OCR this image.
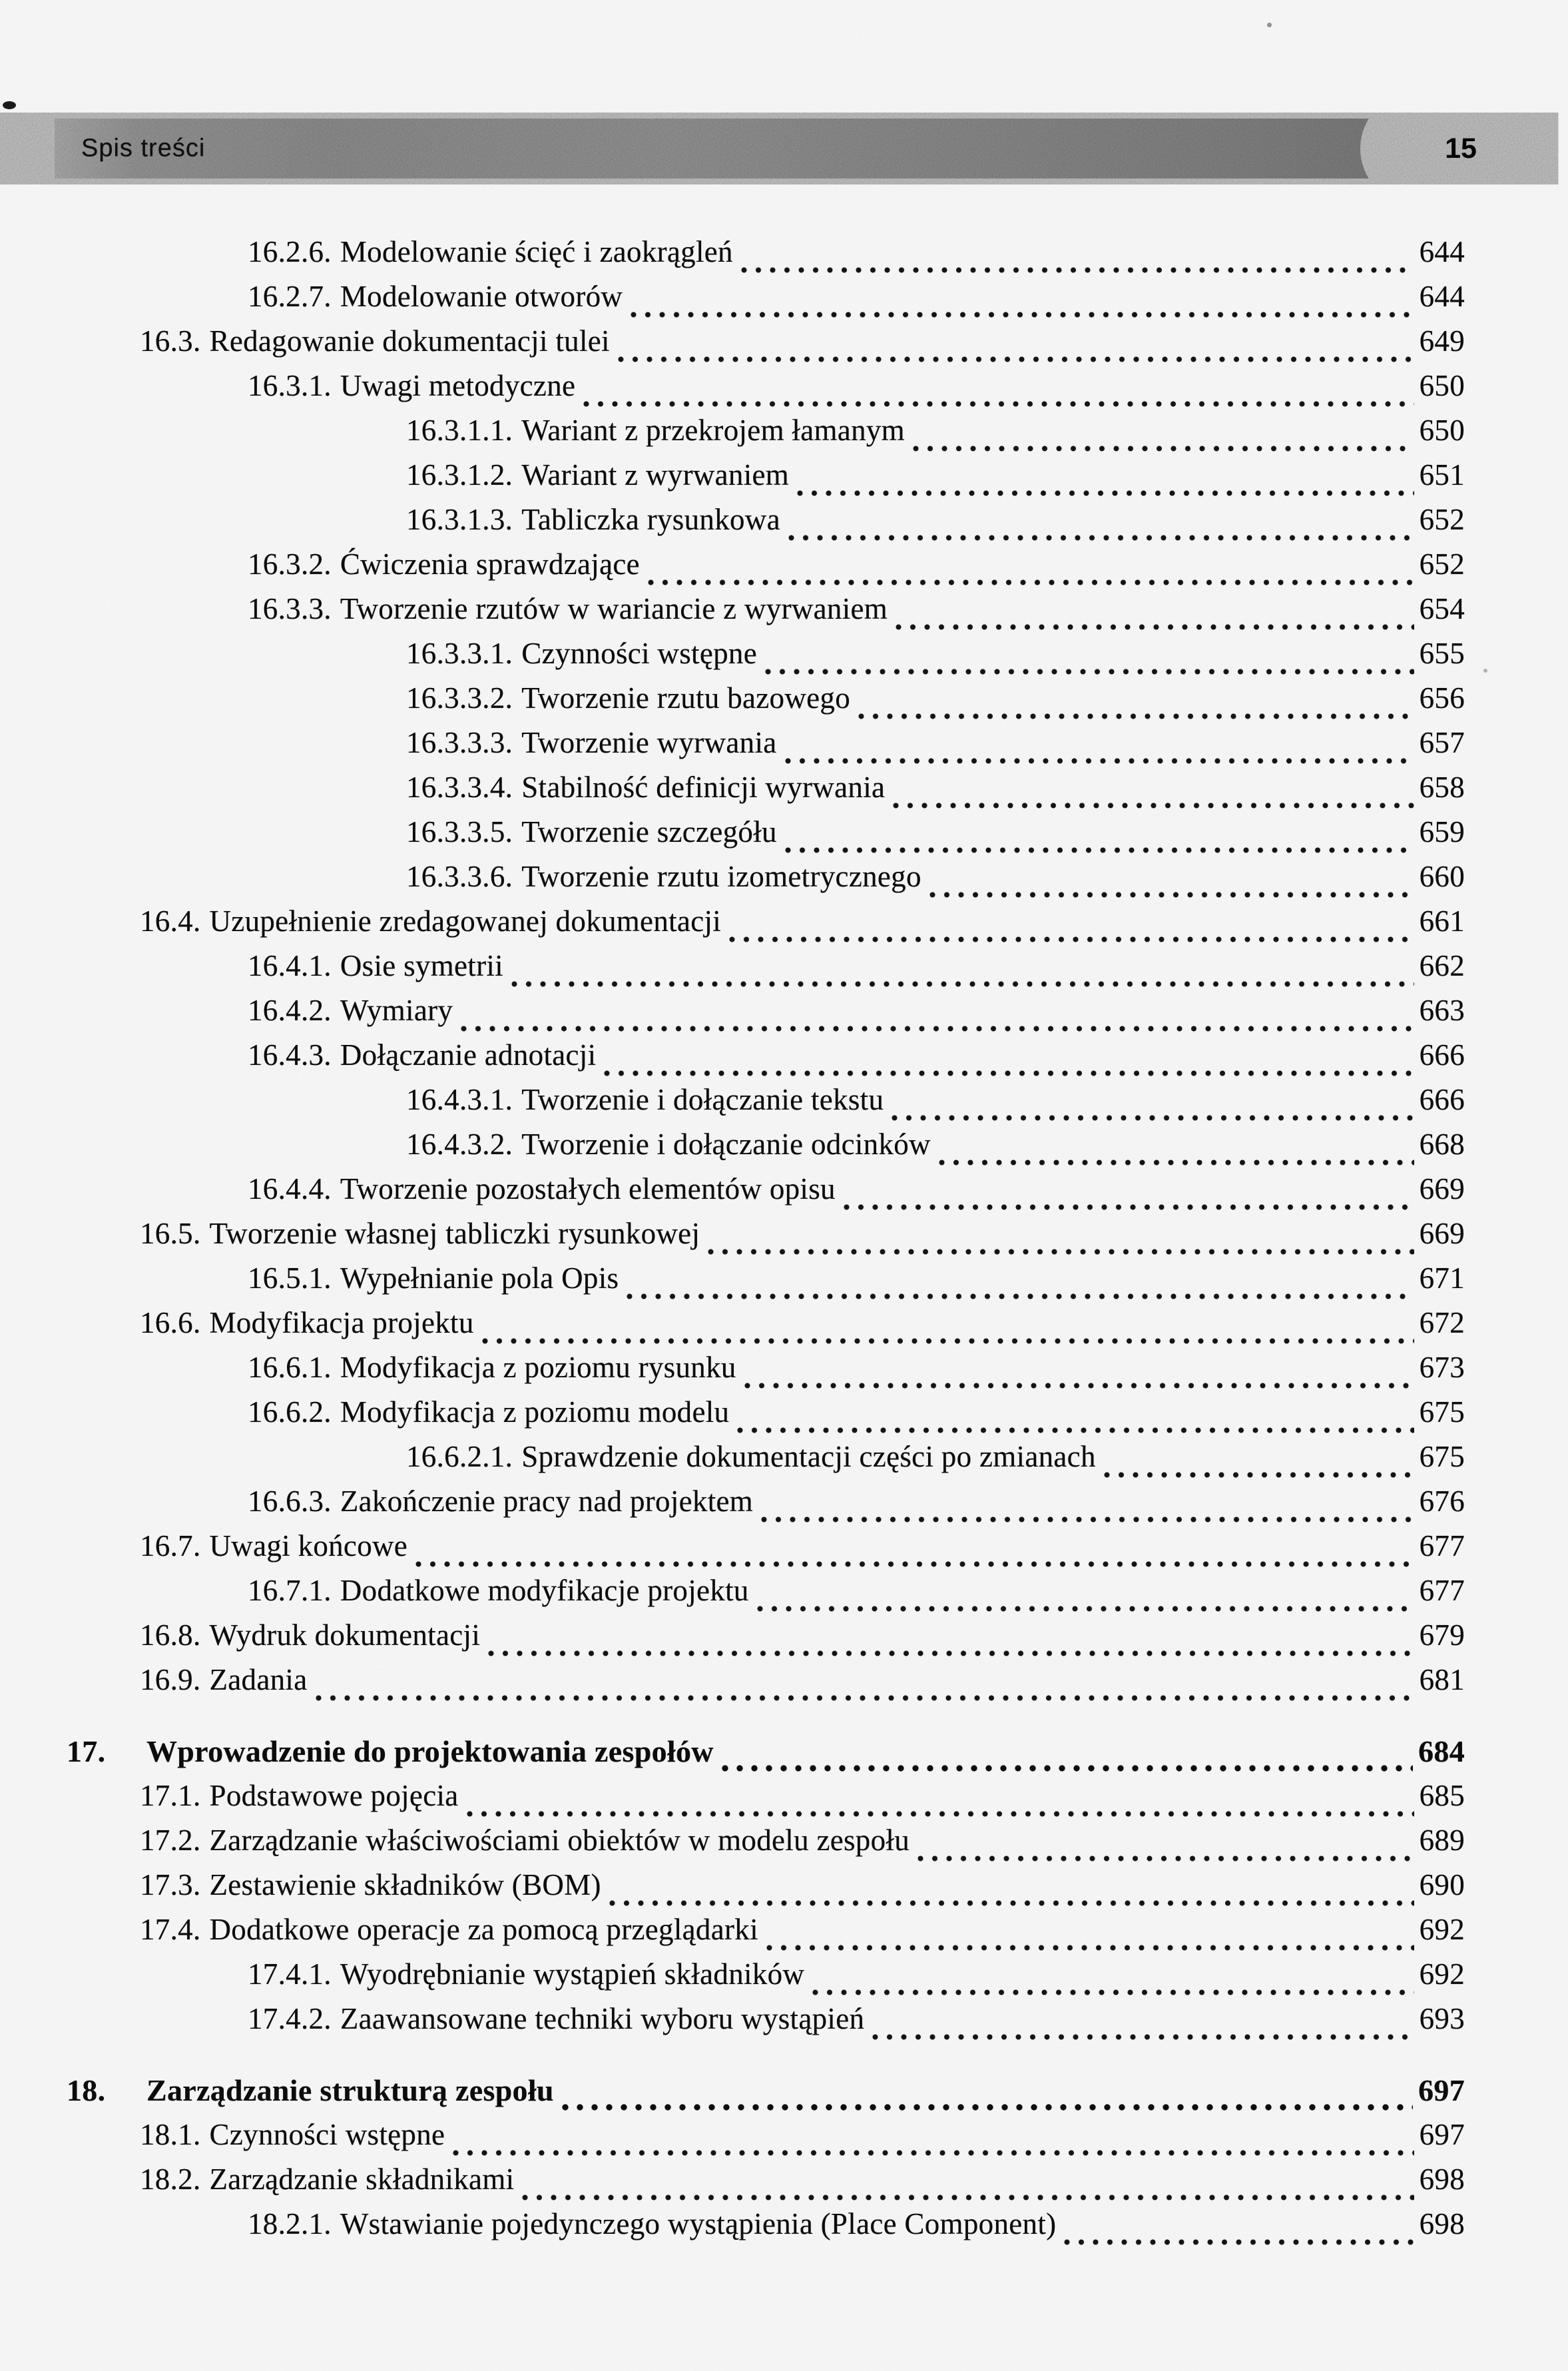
Spis treści	15
16.2.6. Modelowanie ścięć i zaokrągleń	644
16.2.7. Modelowanie otworów	644
16.3. Redagowanie dokumentacji tulei	649
16.3.1. Uwagi metodyczne	650
16.3.1.1. Wariant z przekrojem łamanym	650
16.3.1.2. Wariant z wyrwaniem	651
16.3.1.3. Tabliczka rysunkowa	652
16.3.2. Ćwiczenia sprawdzające	652
16.3.3. Tworzenie rzutów w wariancie z wyrwaniem	654
16.3.3.1. Czynności wstępne	655
16.3.3.2. Tworzenie rzutu bazowego	656
16.3.3.3. Tworzenie wyrwania	657
16.3.3.4. Stabilność definicji wyrwania	658
16.3.3.5. Tworzenie szczegółu	659
16.3.3.6. Tworzenie rzutu izometrycznego	660
16.4. Uzupełnienie zredagowanej dokumentacji	661
16.4.1. Osie symetrii	662
16.4.2. Wymiary	663
16.4.3. Dołączanie adnotacji	666
16.4.3.1. Tworzenie i dołączanie tekstu	666
16.4.3.2. Tworzenie i dołączanie odcinków	668
16.4.4. Tworzenie pozostałych elementów opisu	669
16.5. Tworzenie własnej tabliczki rysunkowej	669
16.5.1. Wypełnianie pola Opis	671
16.6. Modyfikacja projektu	672
16.6.1. Modyfikacja z poziomu rysunku	673
16.6.2. Modyfikacja z poziomu modelu	675
16.6.2.1. Sprawdzenie dokumentacji części po zmianach	675
16.6.3. Zakończenie pracy nad projektem	676
16.7. Uwagi końcowe	677
16.7.1. Dodatkowe modyfikacje projektu	677
16.8. Wydruk dokumentacji	679
16.9. Zadania	681
17.	Wprowadzenie do projektowania zespołów	684
17.1. Podstawowe pojęcia	685
17.2. Zarządzanie właściwościami obiektów w modelu zespołu	689
17.3. Zestawienie składników (BOM)	690
17.4. Dodatkowe operacje za pomocą przeglądarki	692
17.4.1. Wyodrębnianie wystąpień składników	692
17.4.2. Zaawansowane techniki wyboru wystąpień	693
18.	Zarządzanie strukturą zespołu	697
18.1. Czynności wstępne	697
18.2. Zarządzanie składnikami	698
18.2.1. Wstawianie pojedynczego wystąpienia (Place Component)	698
